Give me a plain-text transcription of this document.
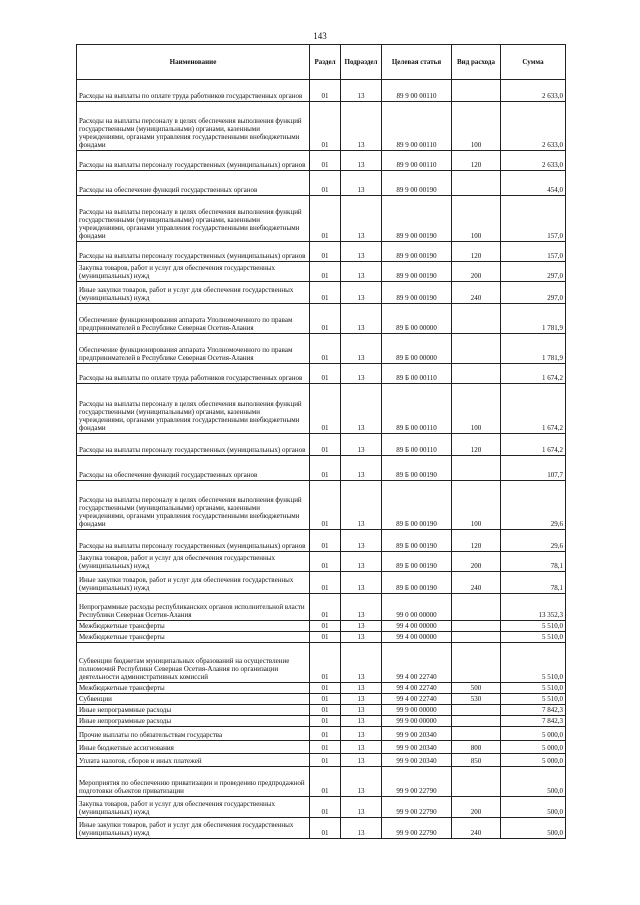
143
Наименование	Раздел	Подраздел	Целевая статья	Вид расхода	Сумма
Расходы на выплаты по оплате труда работников государственных органов	01	13	89 9 00 00110		2 633,0
Расходы на выплаты персоналу в целях обеспечения выполнения функций государственными (муниципальными) органами, казенными учреждениями, органами управления государственными внебюджетными фондами	01	13	89 9 00 00110	100	2 633,0
Расходы на выплаты персоналу государственных (муниципальных) органов	01	13	89 9 00 00110	120	2 633,0
Расходы на обеспечение функций государственных органов	01	13	89 9 00 00190		454,0
Расходы на выплаты персоналу в целях обеспечения выполнения функций государственными (муниципальными) органами, казенными учреждениями, органами управления государственными внебюджетными фондами	01	13	89 9 00 00190	100	157,0
Расходы на выплаты персоналу государственных (муниципальных) органов	01	13	89 9 00 00190	120	157,0
Закупка товаров, работ и услуг для обеспечения государственных (муниципальных) нужд	01	13	89 9 00 00190	200	297,0
Иные закупки товаров, работ и услуг для обеспечения государственных (муниципальных) нужд	01	13	89 9 00 00190	240	297,0
Обеспечение функционирования аппарата Уполномоченного по правам предпринимателей в Республике Северная Осетия-Алания	01	13	89 Б 00 00000		1 781,9
Обеспечение функционирования аппарата Уполномоченного по правам предпринимателей в Республике Северная Осетия-Алания	01	13	89 Б 00 00000		1 781,9
Расходы на выплаты по оплате труда работников государственных органов	01	13	89 Б 00 00110		1 674,2
Расходы на выплаты персоналу в целях обеспечения выполнения функций государственными (муниципальными) органами, казенными учреждениями, органами управления государственными внебюджетными фондами	01	13	89 Б 00 00110	100	1 674,2
Расходы на выплаты персоналу государственных (муниципальных) органов	01	13	89 Б 00 00110	120	1 674,2
Расходы на обеспечение функций государственных органов	01	13	89 Б 00 00190		107,7
Расходы на выплаты персоналу в целях обеспечения выполнения функций государственными (муниципальными) органами, казенными учреждениями, органами управления государственными внебюджетными фондами	01	13	89 Б 00 00190	100	29,6
Расходы на выплаты персоналу государственных (муниципальных) органов	01	13	89 Б 00 00190	120	29,6
Закупка товаров, работ и услуг для обеспечения государственных (муниципальных) нужд	01	13	89 Б 00 00190	200	78,1
Иные закупки товаров, работ и услуг для обеспечения государственных (муниципальных) нужд	01	13	89 Б 00 00190	240	78,1
Непрограммные расходы республиканских органов исполнительной власти Республики Северная Осетия-Алания	01	13	99 0 00 00000		13 352,3
Межбюджетные трансферты	01	13	99 4 00 00000		5 510,0
Межбюджетные трансферты	01	13	99 4 00 00000		5 510,0
Субвенции бюджетам муниципальных образований на осуществление полномочий Республики Северная Осетия-Алания по организации деятельности административных комиссий	01	13	99 4 00 22740		5 510,0
Межбюджетные трансферты	01	13	99 4 00 22740	500	5 510,0
Субвенции	01	13	99 4 00 22740	530	5 510,0
Иные непрограммные расходы	01	13	99 9 00 00000		7 842,3
Иные непрограммные расходы	01	13	99 9 00 00000		7 842,3
Прочие выплаты по обязательствам государства	01	13	99 9 00 20340		5 000,0
Иные бюджетные ассигнования	01	13	99 9 00 20340	800	5 000,0
Уплата налогов, сборов и иных платежей	01	13	99 9 00 20340	850	5 000,0
Мероприятия по обеспечению приватизации и проведению предпродажной подготовки объектов приватизации	01	13	99 9 00 22790		500,0
Закупка товаров, работ и услуг для обеспечения государственных (муниципальных) нужд	01	13	99 9 00 22790	200	500,0
Иные закупки товаров, работ и услуг для обеспечения государственных (муниципальных) нужд	01	13	99 9 00 22790	240	500,0
